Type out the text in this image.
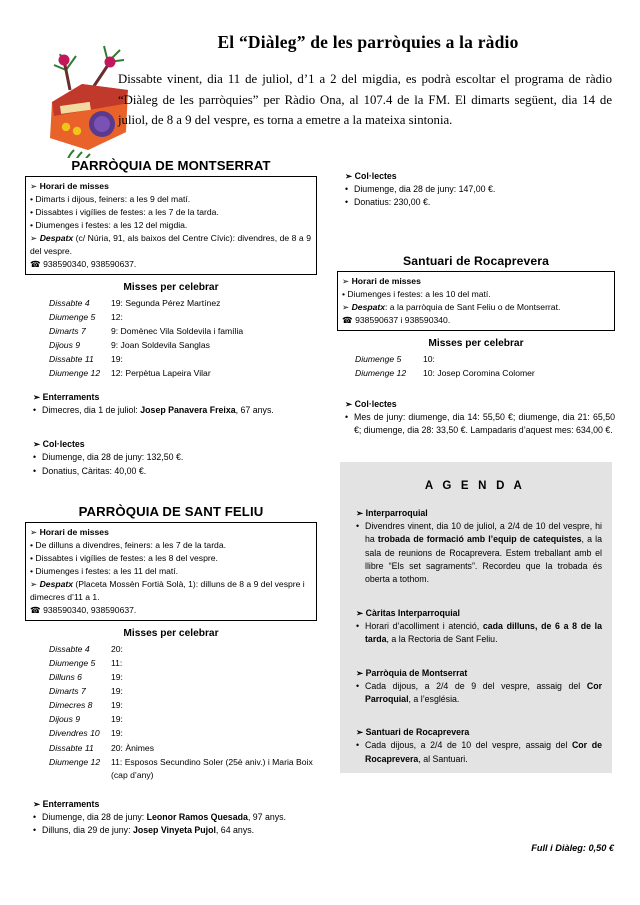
El “Diàleg” de les parròquies a la ràdio

Dissabte vinent, dia 11 de juliol, d’1 a 2 del migdia, es podrà escoltar el programa de ràdio “Diàleg de les parròquies” per Ràdio Ona, al 107.4 de la FM. El dimarts següent, dia 14 de juliol, de 8 a 9 del vespre, es torna a emetre a la mateixa sintonia.

PARRÒQUIA DE MONTSERRAT

➢ Horari de misses

• Dimarts i dijous, feiners: a les 9 del matí.

• Dissabtes i vigílies de festes: a les 7 de la tarda.

• Diumenges i festes: a les 12 del migdia.

➢ Despatx (c/ Núria, 91, als baixos del Centre Cívic): divendres, de 8 a 9 del vespre.

☎ 938590340, 938590637.

Misses per celebrar
Dissabte 4	19: Segunda Pérez Martínez
Diumenge 5	12:
Dimarts 7	9: Domènec Vila Soldevila i família
Dijous 9	9: Joan Soldevila Sanglas
Dissabte 11	19:
Diumenge 12	12: Perpètua Lapeira Vilar

➢ Enterraments

• Dimecres, dia 1 de juliol: Josep Panavera Freixa, 67 anys.

➢ Col·lectes

• Diumenge, dia 28 de juny: 132,50 €.

• Donatius, Càritas: 40,00 €.

PARRÒQUIA DE SANT FELIU

➢ Horari de misses

• De dilluns a divendres, feiners: a les 7 de la tarda.

• Dissabtes i vigílies de festes: a les 8 del vespre.

• Diumenges i festes: a les 11 del matí.

➢ Despatx (Placeta Mossèn Fortià Solà, 1): dilluns de 8 a 9 del vespre i dimecres d’11 a 1.

☎ 938590340, 938590637.

Misses per celebrar
Dissabte 4	20:
Diumenge 5	11:
Dilluns 6	19:
Dimarts 7	19:
Dimecres 8	19:
Dijous 9	19:
Divendres 10	19:
Dissabte 11	20: Ànimes
Diumenge 12	11: Esposos Secundino Soler (25è aniv.) i Maria Boix (cap d’any)

➢ Enterraments

• Diumenge, dia 28 de juny: Leonor Ramos Quesada, 97 anys.

• Dilluns, dia 29 de juny: Josep Vinyeta Pujol, 64 anys.

➢ Col·lectes

• Diumenge, dia 28 de juny: 147,00 €.

• Donatius: 230,00 €.

Santuari de Rocaprevera

➢ Horari de misses

• Diumenges i festes: a les 10 del matí.

➢ Despatx: a la parròquia de Sant Feliu o de Montserrat.

☎ 938590637 i 938590340.

Misses per celebrar
Diumenge 5	10:
Diumenge 12	10: Josep Coromina Colomer

➢ Col·lectes

• Mes de juny: diumenge, dia 14: 55,50 €; diumenge, dia 21: 65,50 €; diumenge, dia 28: 33,50 €. Lampadaris d’aquest mes: 634,00 €.

A G E N D A

➢ Interparroquial

• Divendres vinent, dia 10 de juliol, a 2/4 de 10 del vespre, hi ha trobada de formació amb l’equip de catequistes, a la sala de reunions de Rocaprevera. Estem treballant amb el llibre “Els set sagraments”. Recordeu que la trobada és oberta a tothom.

➢ Càritas Interparroquial

• Horari d’acolliment i atenció, cada dilluns, de 6 a 8 de la tarda, a la Rectoria de Sant Feliu.

➢ Parròquia de Montserrat

• Cada dijous, a 2/4 de 9 del vespre, assaig del Cor Parroquial, a l’església.

➢ Santuari de Rocaprevera

• Cada dijous, a 2/4 de 10 del vespre, assaig del Cor de Rocaprevera, al Santuari.

Full i Diàleg: 0,50 €
